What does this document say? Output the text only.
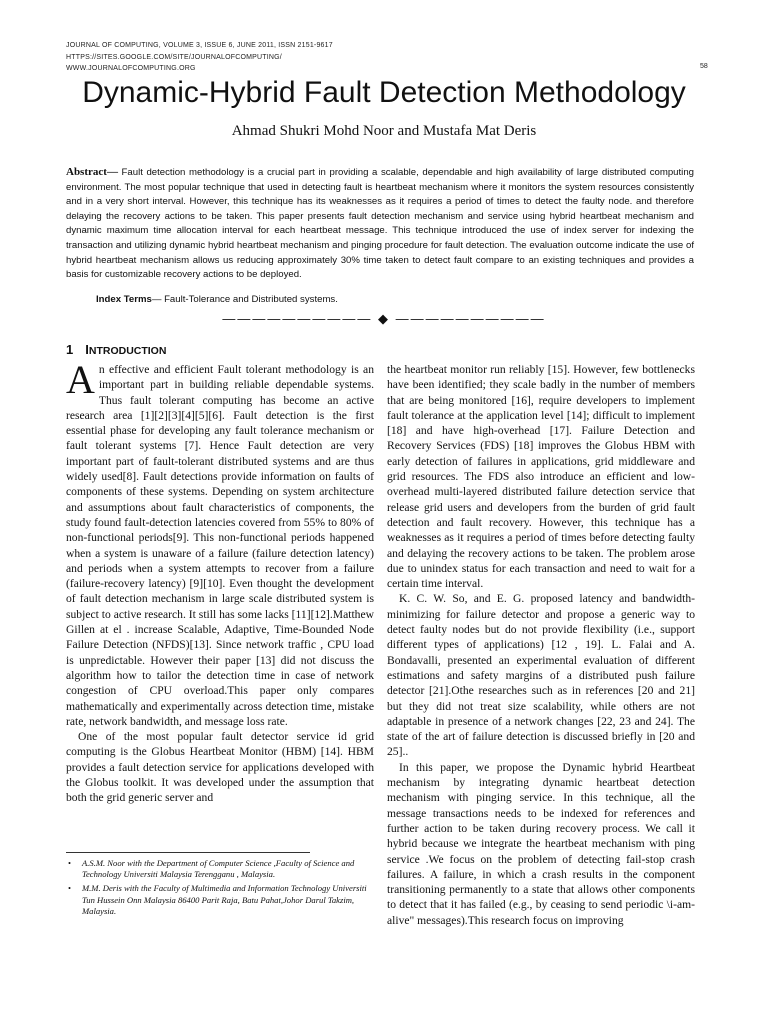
JOURNAL OF COMPUTING, VOLUME 3, ISSUE 6, JUNE 2011, ISSN 2151-9617
HTTPS://SITES.GOOGLE.COM/SITE/JOURNALOFCOMPUTING/
WWW.JOURNALOFCOMPUTING.ORG	58
Dynamic-Hybrid Fault Detection Methodology
Ahmad Shukri Mohd Noor and Mustafa Mat Deris
Abstract— Fault detection methodology is a crucial part in providing a scalable, dependable and high availability of large distributed computing environment. The most popular technique that used in detecting fault is heartbeat mechanism where it monitors the system resources consistently and in a very short interval. However, this technique has its weaknesses as it requires a period of times to detect the faulty node. and therefore delaying the recovery actions to be taken. This paper presents fault detection mechanism and service using hybrid heartbeat mechanism and dynamic maximum time allocation interval for each heartbeat message. This technique introduced the use of index server for indexing the transaction and utilizing dynamic hybrid heartbeat mechanism and pinging procedure for fault detection. The evaluation outcome indicate the use of hybrid heartbeat mechanism allows us reducing approximately 30% time taken to detect fault compare to an existing techniques and provides a basis for customizable recovery actions to be deployed.
Index Terms— Fault-Tolerance and Distributed systems.
—————————— ◆ ——————————
1 INTRODUCTION

An effective and efficient Fault tolerant methodology is an important part in building reliable dependable systems. Thus fault tolerant computing has become an active research area [1][2][3][4][5][6]. Fault detection is the first essential phase for developing any fault tolerance mechanism or fault tolerant systems [7]. Hence Fault detection are very important part of fault-tolerant distributed systems and are thus widely used[8]. Fault detections provide information on faults of components of these systems. Depending on system architecture and assumptions about fault characteristics of components, the study found fault-detection latencies covered from 55% to 80% of non-functional periods[9]. This non-functional periods happened when a system is unaware of a failure (failure detection latency) and periods when a system attempts to recover from a failure (failure-recovery latency) [9][10]. Even thought the development of fault detection mechanism in large scale distributed system is subject to active research. It still has some lacks [11][12].Matthew Gillen at el . increase Scalable, Adaptive, Time-Bounded Node Failure Detection (NFDS)[13]. Since network traffic , CPU load is unpredictable. However their paper [13] did not discuss the algorithm how to tailor the detection time in case of network congestion of CPU overload.This paper only compares mathematically and experimentally across detection time, mistake rate, network bandwidth, and message loss rate.

One of the most popular fault detector service id grid computing is the Globus Heartbeat Monitor (HBM) [14]. HBM provides a fault detection service for applications developed with the Globus toolkit. It was developed under the assumption that both the grid generic server and

the heartbeat monitor run reliably [15]. However, few bottlenecks have been identified; they scale badly in the number of members that are being monitored [16], require developers to implement fault tolerance at the application level [14]; difficult to implement [18] and have high-overhead [17]. Failure Detection and Recovery Services (FDS) [18] improves the Globus HBM with early detection of failures in applications, grid middleware and grid resources. The FDS also introduce an efficient and low-overhead multi-layered distributed failure detection service that release grid users and developers from the burden of grid fault detection and fault recovery. However, this technique has a weaknesses as it requires a period of times before detecting faulty and delaying the recovery actions to be taken. The problem arose due to unindex status for each transaction and need to wait for a certain time interval.

K. C. W. So, and E. G. proposed latency and bandwidth-minimizing for failure detector and propose a generic way to detect faulty nodes but do not provide flexibility (i.e., support different types of applications) [12 , 19]. L. Falai and A. Bondavalli, presented an experimental evaluation of different estimations and safety margins of a distributed push failure detector [21].Othe researches such as in references [20 and 21] but they did not treat size scalability, while others are not adaptable in presence of a network changes [22, 23 and 24]. The state of the art of failure detection is discussed briefly in [20 and 25]..

In this paper, we propose the Dynamic hybrid Heartbeat mechanism by integrating dynamic heartbeat detection mechanism with pinging service. In this technique, all the message transactions needs to be indexed for references and further action to be taken during recovery process. We call it hybrid because we integrate the heartbeat mechanism with ping service .We focus on the problem of detecting fail-stop crash failures. A failure, in which a crash results in the component transitioning permanently to a state that allows other components to detect that it has failed (e.g., by ceasing to send periodic \i-am-alive" messages).This research focus on improving

• A.S.M. Noor with the Department of Computer Science ,Faculty of Science and Technology Universiti Malaysia Terengganu , Malaysia.
• M.M. Deris with the Faculty of Multimedia and Information Technology Universiti Tun Hussein Onn Malaysia 86400 Parit Raja, Batu Pahat,Johor Darul Takzim, Malaysia.
